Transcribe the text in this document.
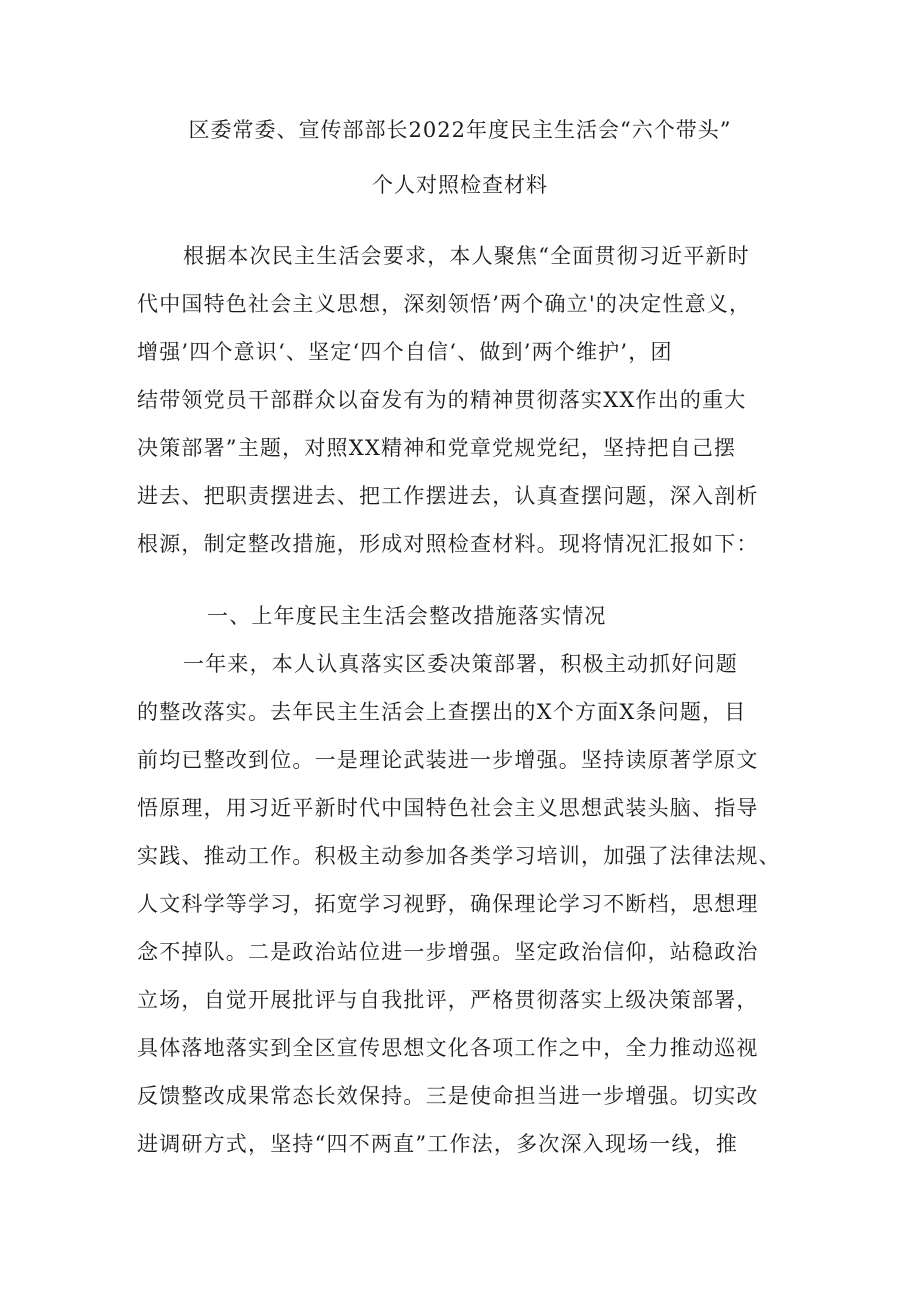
区委常委、宣传部部长2022年度民主生活会“六个带头”
个人对照检查材料
根据本次民主生活会要求，本人聚焦“全面贯彻习近平新时
代中国特色社会主义思想，深刻领悟’两个确立'的决定性意义，
增强’四个意识‘、坚定‘四个自信‘、做到’两个维护’，团
结带领党员干部群众以奋发有为的精神贯彻落实XX作出的重大
决策部署”主题，对照XX精神和党章党规党纪，坚持把自己摆
进去、把职责摆进去、把工作摆进去，认真查摆问题，深入剖析
根源，制定整改措施，形成对照检查材料。现将情况汇报如下：
一、上年度民主生活会整改措施落实情况
一年来，本人认真落实区委决策部署，积极主动抓好问题
的整改落实。去年民主生活会上查摆出的X个方面X条问题，目
前均已整改到位。一是理论武装进一步增强。坚持读原著学原文
悟原理，用习近平新时代中国特色社会主义思想武装头脑、指导
实践、推动工作。积极主动参加各类学习培训，加强了法律法规、
人文科学等学习，拓宽学习视野，确保理论学习不断档，思想理
念不掉队。二是政治站位进一步增强。坚定政治信仰，站稳政治
立场，自觉开展批评与自我批评，严格贯彻落实上级决策部署，
具体落地落实到全区宣传思想文化各项工作之中，全力推动巡视
反馈整改成果常态长效保持。三是使命担当进一步增强。切实改
进调研方式，坚持“四不两直”工作法，多次深入现场一线，推
